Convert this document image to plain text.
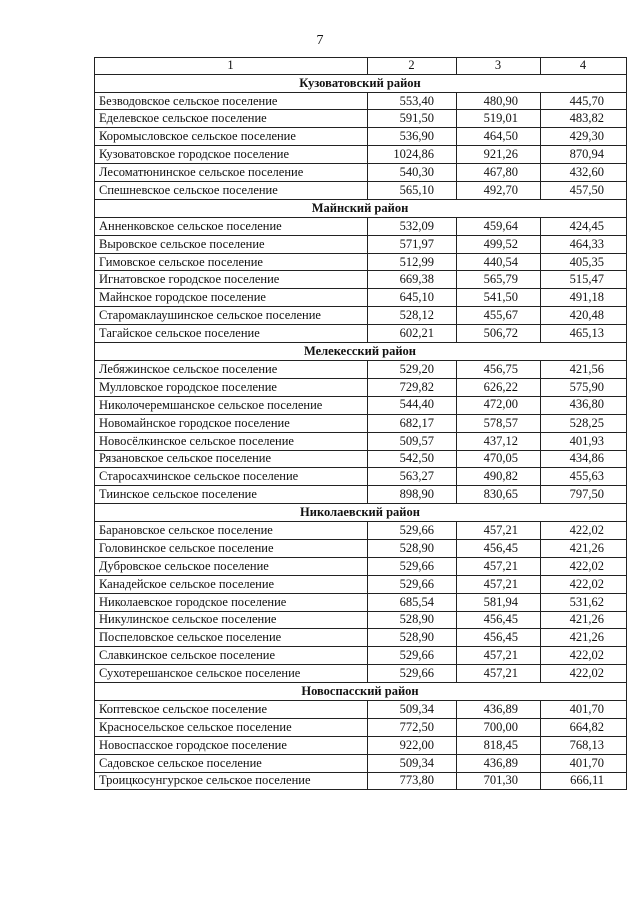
7
1	2	3	4
Кузоватовский район			
Безводовское сельское поселение	553,40	480,90	445,70
Еделевское сельское поселение	591,50	519,01	483,82
Коромысловское сельское поселение	536,90	464,50	429,30
Кузоватовское городское поселение	1024,86	921,26	870,94
Лесоматюнинское сельское поселение	540,30	467,80	432,60
Спешневское сельское поселение	565,10	492,70	457,50
Майнский район			
Анненковское сельское поселение	532,09	459,64	424,45
Выровское сельское поселение	571,97	499,52	464,33
Гимовское сельское поселение	512,99	440,54	405,35
Игнатовское городское поселение	669,38	565,79	515,47
Майнское городское поселение	645,10	541,50	491,18
Старомаклаушинское сельское поселение	528,12	455,67	420,48
Тагайское сельское поселение	602,21	506,72	465,13
Мелекесский район			
Лебяжинское сельское поселение	529,20	456,75	421,56
Мулловское городское поселение	729,82	626,22	575,90
Николочеремшанское сельское поселение	544,40	472,00	436,80
Новомайнское городское поселение	682,17	578,57	528,25
Новосёлкинское сельское поселение	509,57	437,12	401,93
Рязановское сельское поселение	542,50	470,05	434,86
Старосахчинское сельское поселение	563,27	490,82	455,63
Тиинское сельское поселение	898,90	830,65	797,50
Николаевский район			
Барановское сельское поселение	529,66	457,21	422,02
Головинское сельское поселение	528,90	456,45	421,26
Дубровское сельское поселение	529,66	457,21	422,02
Канадейское сельское поселение	529,66	457,21	422,02
Николаевское городское поселение	685,54	581,94	531,62
Никулинское сельское поселение	528,90	456,45	421,26
Поспеловское сельское поселение	528,90	456,45	421,26
Славкинское сельское поселение	529,66	457,21	422,02
Сухотерешанское сельское поселение	529,66	457,21	422,02
Новоспасский район			
Коптевское сельское поселение	509,34	436,89	401,70
Красносельское сельское поселение	772,50	700,00	664,82
Новоспасское городское поселение	922,00	818,45	768,13
Садовское сельское поселение	509,34	436,89	401,70
Троицкосунгурское сельское поселение	773,80	701,30	666,11
